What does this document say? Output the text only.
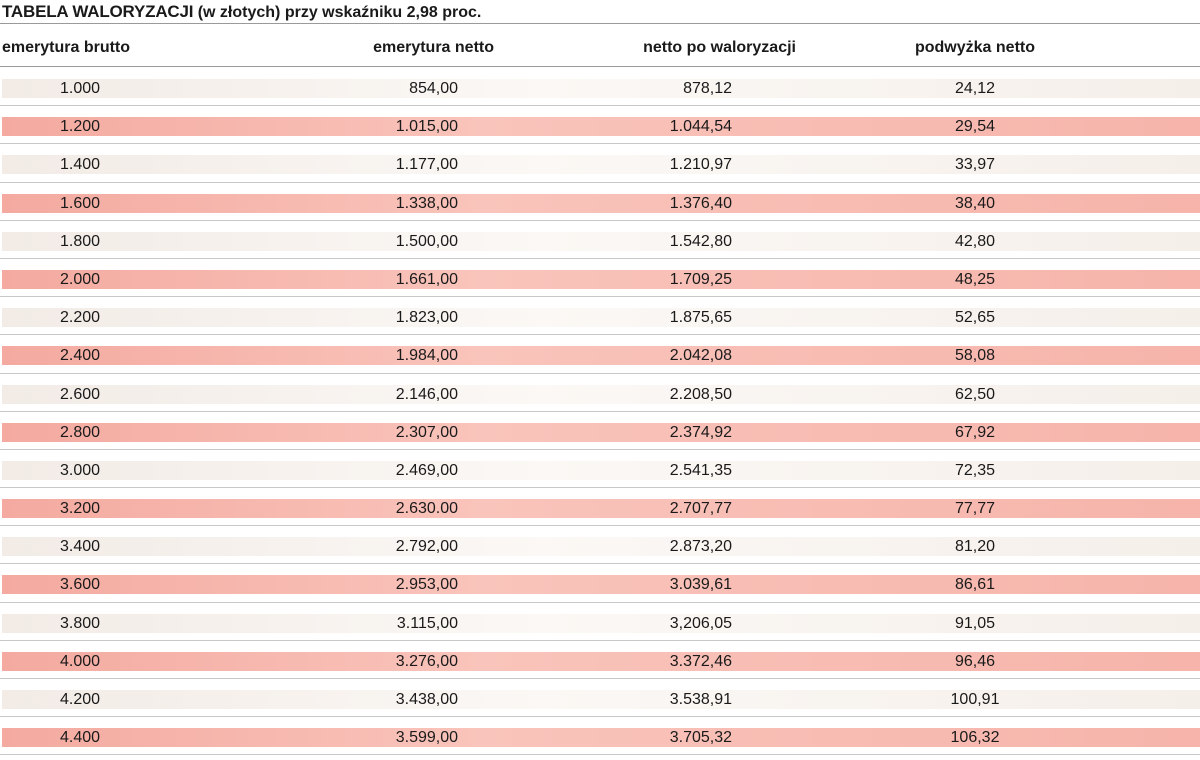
TABELA WALORYZACJI (w złotych) przy wskaźniku 2,98 proc.
emerytura brutto	emerytura netto	netto po waloryzacji	podwyżka netto
1.000	854,00	878,12	24,12
1.200	1.015,00	1.044,54	29,54
1.400	1.177,00	1.210,97	33,97
1.600	1.338,00	1.376,40	38,40
1.800	1.500,00	1.542,80	42,80
2.000	1.661,00	1.709,25	48,25
2.200	1.823,00	1.875,65	52,65
2.400	1.984,00	2.042,08	58,08
2.600	2.146,00	2.208,50	62,50
2.800	2.307,00	2.374,92	67,92
3.000	2.469,00	2.541,35	72,35
3.200	2.630.00	2.707,77	77,77
3.400	2.792,00	2.873,20	81,20
3.600	2.953,00	3.039,61	86,61
3.800	3.115,00	3,206,05	91,05
4.000	3.276,00	3.372,46	96,46
4.200	3.438,00	3.538,91	100,91
4.400	3.599,00	3.705,32	106,32
